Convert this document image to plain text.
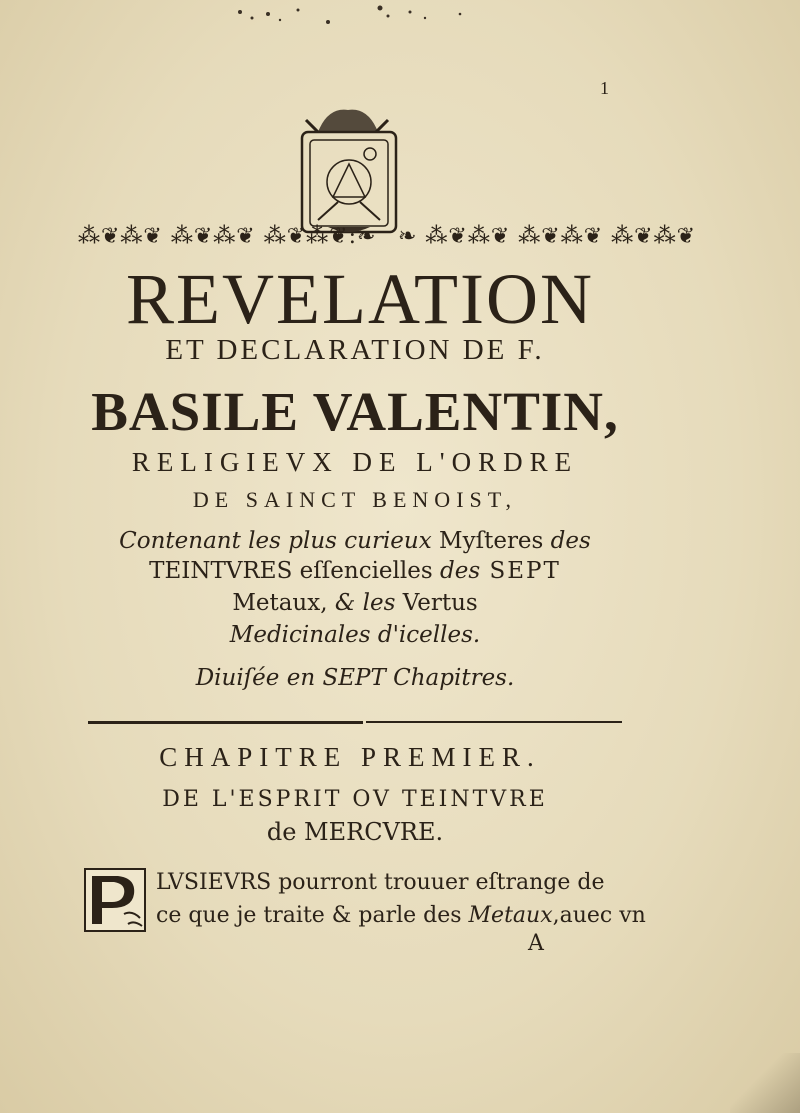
1
⁂❦⁂❦ ⁂❦⁂❦ ⁂❦⁂❦:❧ ❧ ⁂❦⁂❦ ⁂❦⁂❦ ⁂❦⁂❦
REVELATION
ET DECLARATION DE F.
BASILE VALENTIN,
RELIGIEVX DE L'ORDRE
DE SAINCT BENOIST,
Contenant les plus curieux Myſteres des
TEINTVRES eſſencielles des SEPT
Metaux, & les Vertus
Medicinales d'icelles.
Diuiſée en SEPT Chapitres.
CHAPITRE PREMIER.
DE L'ESPRIT OV TEINTVRE
de MERCVRE.
LVSIEVRS pourront trouuer eſtrange de
ce que je traite & parle des Metaux,auec vn
A
